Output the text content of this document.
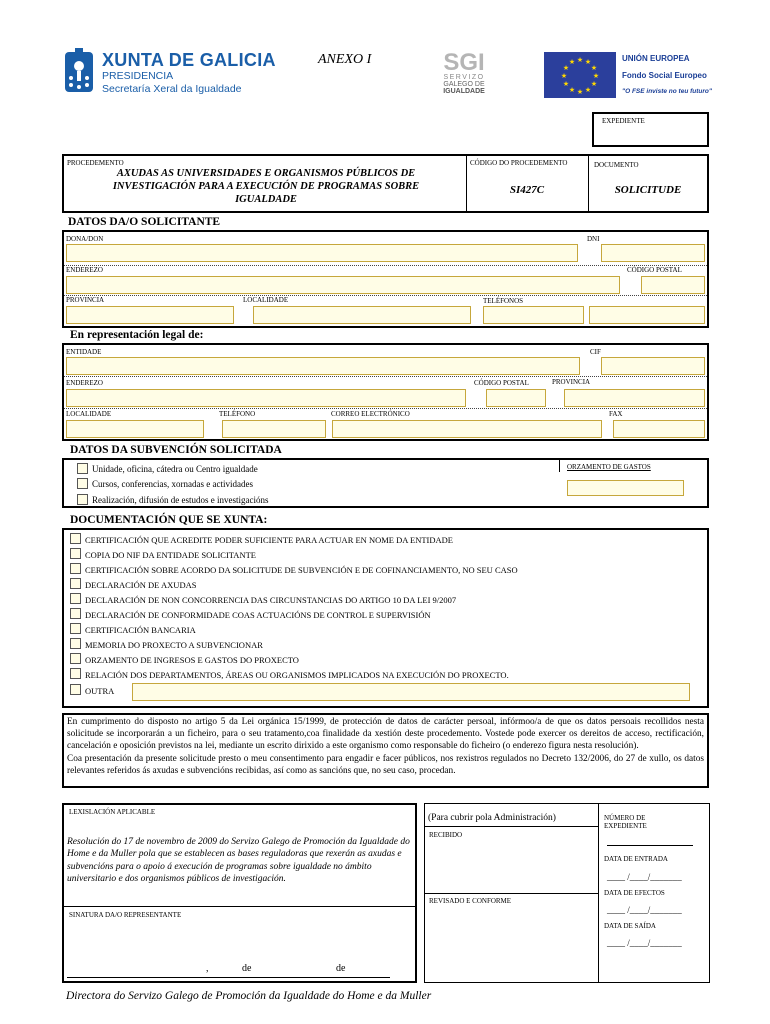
XUNTA DE GALICIA
PRESIDENCIA
Secretaría Xeral da Igualdade
ANEXO I	SGI
SERVIZO
GALEGO DE
IGUALDADE
★ ★
★
★
★
★
★
★
★
★
★
★	UNIÓN EUROPEA
Fondo Social Europeo
"O FSE inviste no teu futuro"
EXPEDIENTE
PROCEDEMENTO
AXUDAS AS UNIVERSIDADES E ORGANISMOS PÚBLICOS DE
INVESTIGACIÓN PARA A EXECUCIÓN DE PROGRAMAS SOBRE
IGUALDADE
CÓDIGO DO PROCEDEMENTO
SI427C
DOCUMENTO
SOLICITUDE
DATOS DA/O SOLICITANTE
DONA/DON	DNI
ENDEREZO	CÓDIGO POSTAL
PROVINCIA	LOCALIDADE	TELÉFONOS
En representación legal de:
ENTIDADE	CIF
ENDEREZO	CÓDIGO POSTAL	PROVINCIA
LOCALIDADE	TELÉFONO	CORREO ELECTRÓNICO	FAX
DATOS DA SUBVENCIÓN SOLICITADA
Unidade, oficina, cátedra ou Centro igualdade
Cursos, conferencias, xornadas e actividades
Realización, difusión de estudos e investigacións
ORZAMENTO DE GASTOS
DOCUMENTACIÓN QUE SE XUNTA:
CERTIFICACIÓN QUE ACREDITE PODER SUFICIENTE PARA ACTUAR EN NOME DA ENTIDADE
COPIA DO NIF DA ENTIDADE SOLICITANTE
CERTIFICACIÓN SOBRE ACORDO DA SOLICITUDE DE SUBVENCIÓN E DE COFINANCIAMENTO, NO SEU CASO
DECLARACIÓN DE AXUDAS
DECLARACIÓN DE NON CONCORRENCIA DAS CIRCUNSTANCIAS DO ARTIGO 10 DA LEI 9/2007
DECLARACIÓN DE CONFORMIDADE COAS ACTUACIÓNS DE CONTROL E SUPERVISIÓN
CERTIFICACIÓN BANCARIA
MEMORIA DO PROXECTO A SUBVENCIONAR
ORZAMENTO DE INGRESOS E GASTOS DO PROXECTO
RELACIÓN DOS DEPARTAMENTOS, ÁREAS OU ORGANISMOS IMPLICADOS NA EXECUCIÓN DO PROXECTO.
OUTRA
En cumprimento do disposto no artigo 5 da Lei orgánica 15/1999, de protección de datos de carácter persoal, infórmoo/a de que os datos persoais recollidos nesta solicitude se incorporarán a un ficheiro, para o seu tratamento,coa finalidade da xestión deste procedemento. Vostede pode exercer os dereitos de acceso, rectificación, cancelación e oposición previstos na lei, mediante un escrito dirixido a este organismo como responsable do ficheiro (o enderezo figura nesta resolución).
Coa presentación da presente solicitude presto o meu consentimento para engadir e facer públicos, nos rexistros regulados no Decreto 132/2006, do 27 de xullo, os datos relevantes referidos ás axudas e subvencións recibidas, así como as sancións que, no seu caso, procedan.
LEXISLACIÓN APLICABLE
Resolución do 17 de novembro de 2009 do Servizo Galego de Promoción da Igualdade do Home e da Muller pola que se establecen as bases reguladoras que rexerán as axudas e subvencións para o apoio á execución de programas sobre igualdade no ámbito universitario e dos organismos públicos de investigación.
SINATURA DA/O REPRESENTANTE
,	de	de
(Para cubrir pola Administración)
RECIBIDO
REVISADO E CONFORME
NÚMERO DE EXPEDIENTE
DATA DE ENTRADA
____ /____/_______
DATA DE EFECTOS
____ /____/_______
DATA DE SAÍDA
____ /____/_______
Directora do Servizo Galego de Promoción da Igualdade do Home e da Muller
